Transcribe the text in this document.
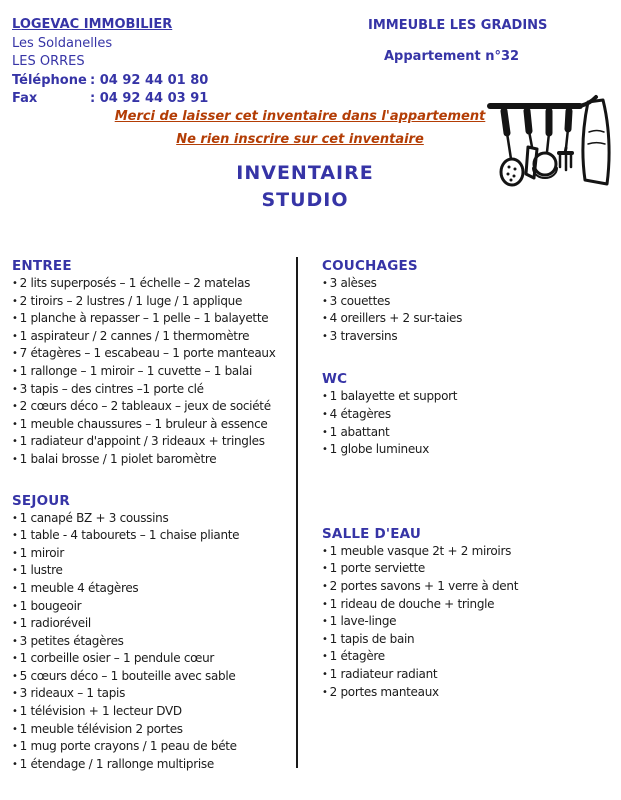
LOGEVAC IMMOBILIER
Les Soldanelles
LES ORRES
Téléphone : 04 92 44 01 80
Fax	: 04 92 44 03 91
IMMEUBLE LES GRADINS
Appartement n°32
Merci de laisser cet inventaire dans l'appartement
Ne rien inscrire sur cet inventaire
INVENTAIRE
STUDIO
ENTREE
• 2 lits superposés – 1 échelle – 2 matelas
• 2 tiroirs – 2 lustres / 1 luge / 1 applique
• 1 planche à repasser – 1 pelle – 1 balayette
• 1 aspirateur / 2 cannes / 1 thermomètre
• 7 étagères – 1 escabeau – 1 porte manteaux
• 1 rallonge – 1 miroir – 1 cuvette – 1 balai
• 3 tapis – des cintres –1 porte clé
• 2 cœurs déco – 2 tableaux – jeux de société
• 1 meuble chaussures – 1 bruleur à essence
• 1 radiateur d'appoint / 3 rideaux + tringles
• 1 balai brosse / 1 piolet baromètre
SEJOUR
• 1 canapé BZ + 3 coussins
• 1 table - 4 tabourets – 1 chaise pliante
• 1 miroir
• 1 lustre
• 1 meuble 4 étagères
• 1 bougeoir
• 1 radioréveil
• 3 petites étagères
• 1 corbeille osier – 1 pendule cœur
• 5 cœurs déco – 1 bouteille avec sable
• 3 rideaux – 1 tapis
• 1 télévision + 1 lecteur DVD
• 1 meuble télévision 2 portes
• 1 mug porte crayons / 1 peau de béte
• 1 étendage / 1 rallonge multiprise
COUCHAGES
• 3 alèses
• 3 couettes
• 4 oreillers + 2 sur-taies
• 3 traversins
WC
• 1 balayette et support
• 4 étagères
• 1 abattant
• 1 globe lumineux
SALLE D'EAU
• 1 meuble vasque 2t + 2 miroirs
• 1 porte serviette
• 2 portes savons + 1 verre à dent
• 1 rideau de douche + tringle
• 1 lave-linge
• 1 tapis de bain
• 1 étagère
• 1 radiateur radiant
• 2 portes manteaux
